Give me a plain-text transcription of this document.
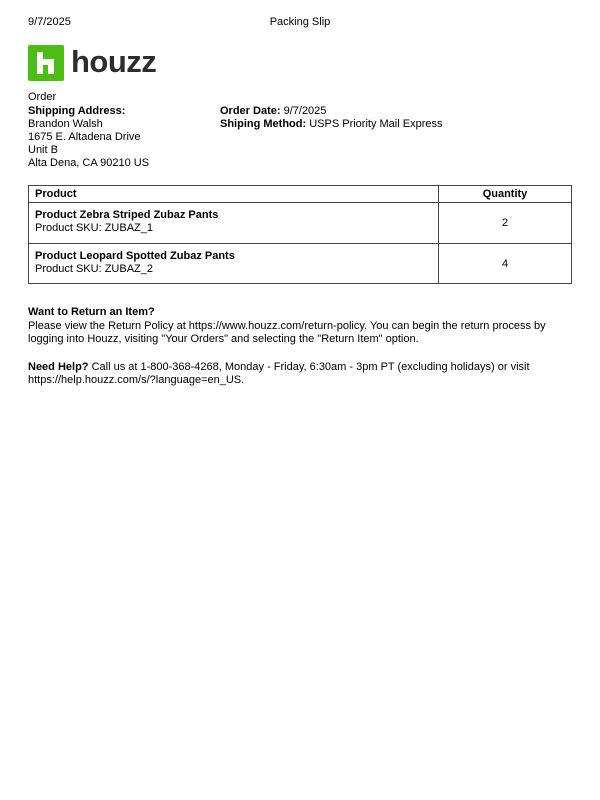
9/7/2025	Packing Slip
houzz
Order
Shipping Address:
Brandon Walsh
1675 E. Altadena Drive
Unit B
Alta Dena, CA 90210 US
Order Date: 9/7/2025
Shiping Method: USPS Priority Mail Express
Product	Quantity

Product Zebra Striped Zubaz Pants
Product SKU: ZUBAZ_1	2

Product Leopard Spotted Zubaz Pants
Product SKU: ZUBAZ_2	4
Want to Return an Item?
Please view the Return Policy at https://www.houzz.com/return-policy. You can begin the return process by logging into Houzz, visiting "Your Orders" and selecting the "Return Item" option.
Need Help? Call us at 1-800-368-4268, Monday - Friday, 6:30am - 3pm PT (excluding holidays) or visit https://help.houzz.com/s/?language=en_US.
